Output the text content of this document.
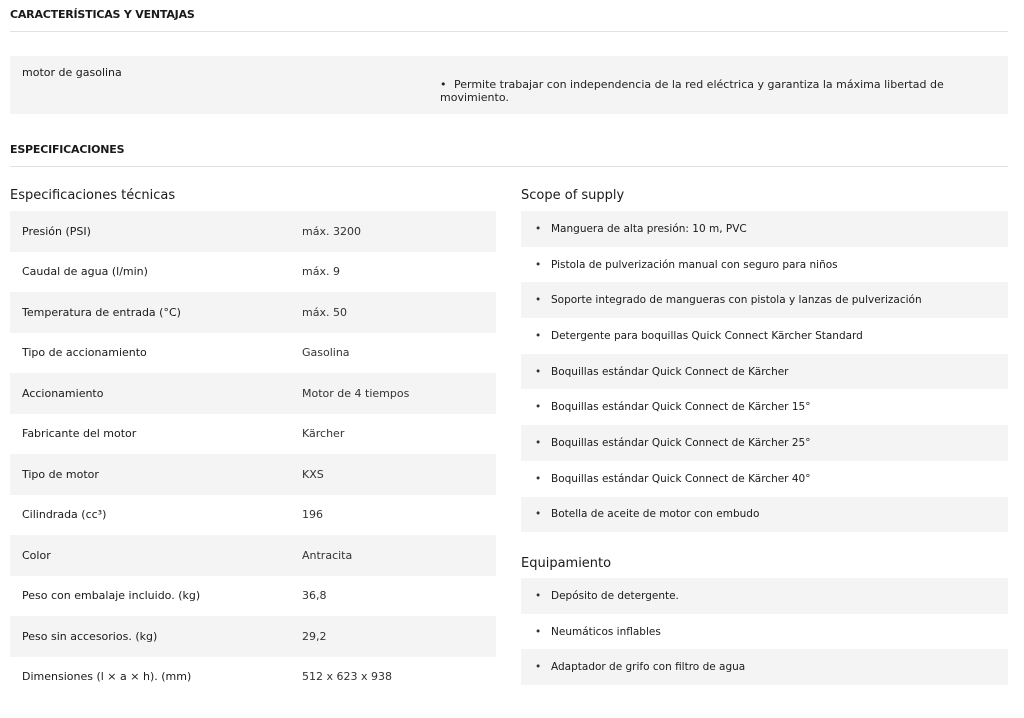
CARACTERÍSTICAS Y VENTAJAS
motor de gasolina
• Permite trabajar con independencia de la red eléctrica y garantiza la máxima libertad de movimiento.
ESPECIFICACIONES
Especificaciones técnicas
Presión (PSI)	máx. 3200
Caudal de agua (l/min)	máx. 9
Temperatura de entrada (°C)	máx. 50
Tipo de accionamiento	Gasolina
Accionamiento	Motor de 4 tiempos
Fabricante del motor	Kärcher
Tipo de motor	KXS
Cilindrada (cc³)	196
Color	Antracita
Peso con embalaje incluido. (kg)	36,8
Peso sin accesorios. (kg)	29,2
Dimensiones (l × a × h). (mm)	512 x 623 x 938
Scope of supply
• Manguera de alta presión: 10 m, PVC
• Pistola de pulverización manual con seguro para niños
• Soporte integrado de mangueras con pistola y lanzas de pulverización
• Detergente para boquillas Quick Connect Kärcher Standard
• Boquillas estándar Quick Connect de Kärcher
• Boquillas estándar Quick Connect de Kärcher 15°
• Boquillas estándar Quick Connect de Kärcher 25°
• Boquillas estándar Quick Connect de Kärcher 40°
• Botella de aceite de motor con embudo
Equipamiento
• Depósito de detergente.
• Neumáticos inflables
• Adaptador de grifo con filtro de agua
